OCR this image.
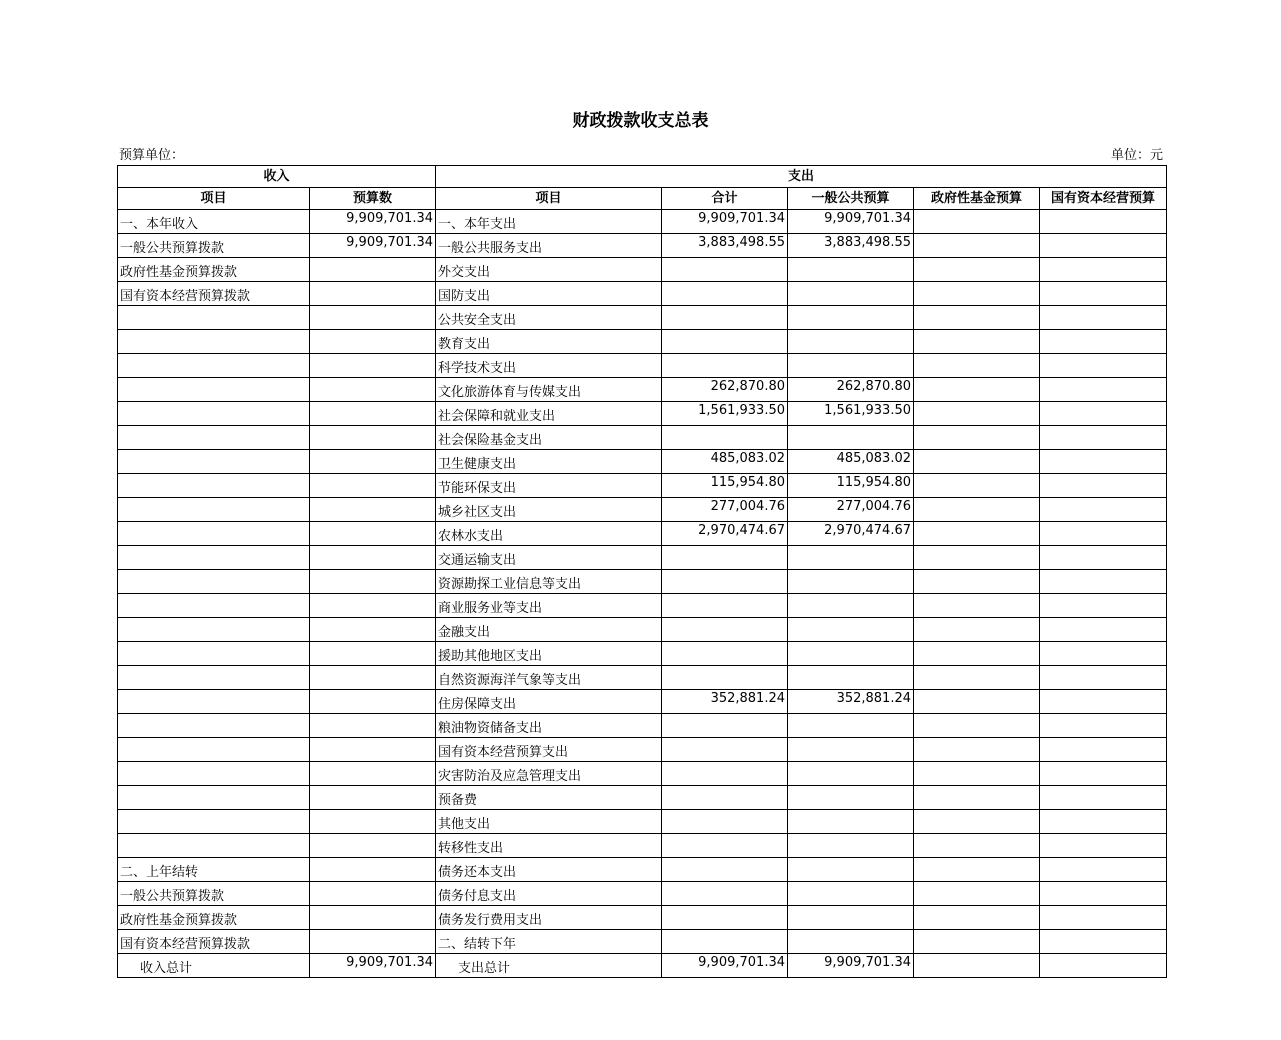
财政拨款收支总表
预算单位：	单位：元
收入		支出				
项目	预算数	项目	合计	一般公共预算	政府性基金预算	国有资本经营预算
一、本年收入	9,909,701.34	一、本年支出	9,909,701.34	9,909,701.34		
一般公共预算拨款	9,909,701.34	一般公共服务支出	3,883,498.55	3,883,498.55		
政府性基金预算拨款		外交支出				
国有资本经营预算拨款		国防支出				
		公共安全支出				
		教育支出				
		科学技术支出				
		文化旅游体育与传媒支出	262,870.80	262,870.80		
		社会保障和就业支出	1,561,933.50	1,561,933.50		
		社会保险基金支出				
		卫生健康支出	485,083.02	485,083.02		
		节能环保支出	115,954.80	115,954.80		
		城乡社区支出	277,004.76	277,004.76		
		农林水支出	2,970,474.67	2,970,474.67		
		交通运输支出				
		资源勘探工业信息等支出				
		商业服务业等支出				
		金融支出				
		援助其他地区支出				
		自然资源海洋气象等支出				
		住房保障支出	352,881.24	352,881.24		
		粮油物资储备支出				
		国有资本经营预算支出				
		灾害防治及应急管理支出				
		预备费				
		其他支出				
		转移性支出				
二、上年结转		债务还本支出				
一般公共预算拨款		债务付息支出				
政府性基金预算拨款		债务发行费用支出				
国有资本经营预算拨款		二、结转下年				
收入总计	9,909,701.34	支出总计	9,909,701.34	9,909,701.34		
